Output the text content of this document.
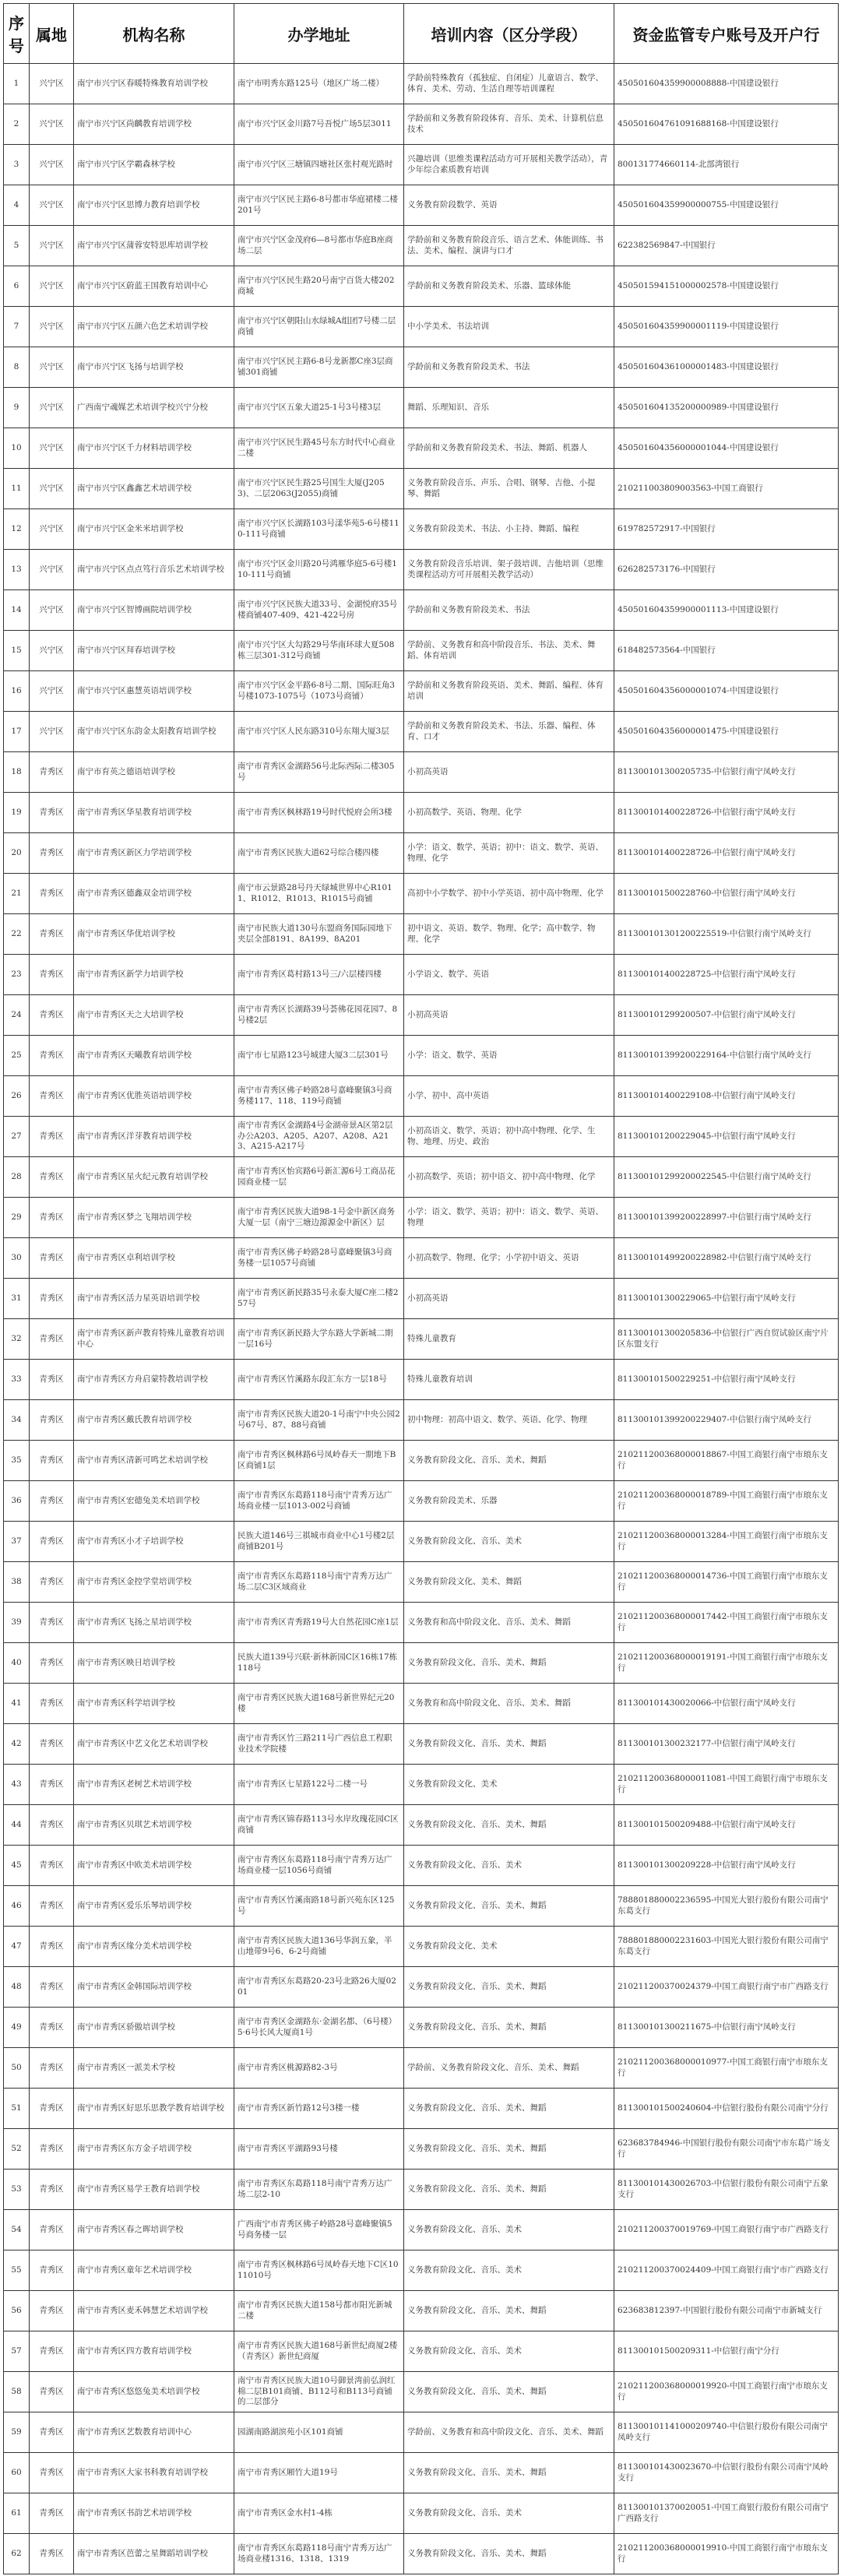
序号	属地	机构名称	办学地址	培训内容（区分学段）	资金监管专户账号及开户行
1	兴宁区	南宁市兴宁区春暖特殊教育培训学校	南宁市明秀东路125号（地区广场二楼）	学龄前特殊教育（孤独症、自闭症）儿童语言、数学、体育、美术、劳动、生活自理等培训课程	450501604359900008888-中国建设银行
2	兴宁区	南宁市兴宁区尚麟教育培训学校	南宁市兴宁区金川路7号吾悦广场5层3011	学龄前和义务教育阶段体育、音乐、美术、计算机信息技术	450501604761091688168-中国建设银行
3	兴宁区	南宁市兴宁区学霸森林学校	南宁市兴宁区三塘镇四塘社区张村观光路时	兴趣培训（思维类课程活动方可开展相关教学活动），青少年综合素质教育培训	800131774660114-北部湾银行
4	兴宁区	南宁市兴宁区思博力教育培训学校	南宁市兴宁区民主路6-8号都市华庭裙楼二楼201号	义务教育阶段数学、英语	450501604359900000755-中国建设银行
5	兴宁区	南宁市兴宁区蒲蓉安特思库培训学校	南宁市兴宁区金茂府6—8号都市华庭B座商场二层	学龄前和义务教育阶段音乐、语言艺术、体能训练、书法、美术、编程、演讲与口才	622382569847-中国银行
6	兴宁区	南宁市兴宁区蔚蓝王国教育培训中心	南宁市兴宁区民生路20号南宁百货大楼202商城	学龄前和义务教育阶段美术、乐器、篮球体能	450501594151000002578-中国建设银行
7	兴宁区	南宁市兴宁区五颜六色艺术培训学校	南宁市兴宁区朝阳山水绿城A组团7号楼二层商铺	中小学美术、书法培训	450501604359900001119-中国建设银行
8	兴宁区	南宁市兴宁区飞扬与培训学校	南宁市兴宁区民主路6-8号龙新都C座3层商铺301商铺	学龄前和义务教育阶段美术、书法	450501604361000001483-中国建设银行
9	兴宁区	广西南宁魂媒艺术培训学校兴宁分校	南宁市兴宁区五象大道25-1号3号楼3层	舞蹈、乐理知识、音乐	450501604135200000989-中国建设银行
10	兴宁区	南宁市兴宁区千力材料培训学校	南宁市兴宁区民生路45号东方时代中心商业二楼	学龄前和义务教育阶段美术、书法、舞蹈、机器人	450501604356000001044-中国建设银行
11	兴宁区	南宁市兴宁区鑫鑫艺术培训学校	南宁市兴宁区民生路25号国生大厦(J2053)、二层2063(J2055)商铺	义务教育阶段音乐、声乐、合唱、钢琴、吉他、小提琴、舞蹈	210211003809003563-中国工商银行
12	兴宁区	南宁市兴宁区金米米培训学校	南宁市兴宁区长湖路103号漾华苑5-6号楼110-111号商铺	义务教育阶段美术、书法、小主持、舞蹈、编程	619782572917-中国银行
13	兴宁区	南宁市兴宁区点点笃行音乐艺术培训学校	南宁市兴宁区金川路20号鸿雁华庭5-6号楼110-111号商铺	义务教育阶段音乐培训、架子鼓培训、吉他培训（思维类课程活动方可开展相关教学活动）	626282573176-中国银行
14	兴宁区	南宁市兴宁区智博画院培训学校	南宁市兴宁区民族大道33号、金湖悦府35号楼商铺407-409、421-422号房	学龄前和义务教育阶段美术、书法	450501604359900001113-中国建设银行
15	兴宁区	南宁市兴宁区拜春培训学校	南宁市兴宁区大勾路29号华南环球大夏508栋三层301-312号商铺	学龄前、义务教育和高中阶段音乐、书法、美术、舞蹈、体育培训	618482573564-中国银行
16	兴宁区	南宁市兴宁区惠慧英语培训学校	南宁市兴宁区金平路6-8号二期、国际旺角3号楼1073-1075号（1073号商铺）	学龄前和义务教育阶段英语、美术、舞蹈、编程、体育培训	450501604356000001074-中国建设银行
17	兴宁区	南宁市兴宁区东韵金太阳教育培训学校	南宁市兴宁区人民东路310号东翔大厦3层	学龄前和义务教育阶段美术、书法、乐器、编程、体育、口才	450501604356000001475-中国建设银行
18	青秀区	南宁市育英之德语培训学校	南宁市青秀区金湖路56号北际西际二楼305号	小初高英语	811300101300205735-中信银行南宁凤岭支行
19	青秀区	南宁市青秀区华星教育培训学校	南宁市青秀区枫林路19号时代悦府会所3楼	小初高数学、英语、物理、化学	811300101400228726-中信银行南宁凤岭支行
20	青秀区	南宁市青秀区新区力学培训学校	南宁市青秀区民族大道62号综合楼四楼	小学：语文、数学、英语；初中：语文、数学、英语、物理、化学	811300101400228726-中信银行南宁凤岭支行
21	青秀区	南宁市青秀区德鑫双金培训学校	南宁市云景路28号丹天绿城世界中心R1011、R1012、R1013、R1015号商铺	高初中小学数学、初中小学英语、初中高中物理、化学	811300101500228760-中信银行南宁凤岭支行
22	青秀区	南宁市青秀区华优培训学校	南宁市民族大道130号东盟商务国际园地下夹层全部8191、8A199、8A201	初中语文、英语、数学、物理、化学；高中数学、物理、化学	811300101301200225519-中信银行南宁凤岭支行
23	青秀区	南宁市青秀区新学力培训学校	南宁市青秀区葛村路13号三/六层楼四楼	小学语文、数学、英语	811300101400228725-中信银行南宁凤岭支行
24	青秀区	南宁市青秀区天之大培训学校	南宁市青秀区长湖路39号荟佛花园花园7、8号楼2层	小初高英语	811300101299200507-中信银行南宁凤岭支行
25	青秀区	南宁市青秀区天曦教育培训学校	南宁市七星路123号城建大厦3二层301号	小学：语文、数学、英语	811300101399200229164-中信银行南宁凤岭支行
26	青秀区	南宁市青秀区优胜英语培训学校	南宁市青秀区佛子岭路28号嘉峰聚镇3号商务楼117、118、119号商铺	小学、初中、高中英语	811300101400229108-中信银行南宁凤岭支行
27	青秀区	南宁市青秀区洋芽教育培训学校	南宁市青秀区金湖路4号金湖帝景A区第2层办公A203、A205、A207、A208、A213、A215-A217号	小初高语文、数学、英语；初中高中物理、化学、生物、地理、历史、政治	811300101200229045-中信银行南宁凤岭支行
28	青秀区	南宁市青秀区星火纪元教育培训学校	南宁市青秀区怡宾路6号新汇源6号工商品花园商业楼一层	小初高数学、英语；初中语文、初中高中物理、化学	811300101299200022545-中信银行南宁凤岭支行
29	青秀区	南宁市青秀区梦之飞翔培训学校	南宁市青秀区民族大道98-1号金中新区商务大厦一层（南宁三塘边源源金中新区）层	小学：语文、数学、英语；初中：语文、数学、英语、物理	811300101399200228997-中信银行南宁凤岭支行
30	青秀区	南宁市青秀区卓利培训学校	南宁市青秀区佛子岭路28号嘉峰聚镇3号商务楼一层1057号商铺	小初高数学、物理、化学；小学初中语文、英语	811300101499200228982-中信银行南宁凤岭支行
31	青秀区	南宁市青秀区活力星英语培训学校	南宁市青秀区新民路35号永泰大厦C座二楼257号	小初高英语	811300101300229065-中信银行南宁凤岭支行
32	青秀区	南宁市青秀区新声教育特殊儿童教育培训中心	南宁市青秀区新民路大学东路大学新城二期一层16号	特殊儿童教育	811300101300205836-中信银行广西自贸试验区南宁片区东盟支行
33	青秀区	南宁市青秀区方舟启蒙特教培训学校	南宁市青秀区竹溪路东段汇东方一层18号	特殊儿童教育培训	811300101500229251-中信银行南宁凤岭支行
34	青秀区	南宁市青秀区戴氏教育培训学校	南宁市青秀区民族大道20-1号南宁中央公园2号67号、87、88号商铺	初中物理：初高中语文、数学、英语、化学、物理	811300101399200229407-中信银行南宁凤岭支行
35	青秀区	南宁市青秀区清新可鸣艺术培训学校	南宁市青秀区枫林路6号凤岭春天一期地下B区商铺1层	义务教育阶段文化、音乐、美术、舞蹈	210211200368000018867-中国工商银行南宁市琅东支行
36	青秀区	南宁市青秀区宏德兔美术培训学校	南宁市青秀区东葛路118号南宁青秀万达广场商业楼一层1013-002号商铺	义务教育阶段美术、乐器	210211200368000018789-中国工商银行南宁市琅东支行
37	青秀区	南宁市青秀区小才子培训学校	民族大道146号三祺城市商业中心1号楼2层商铺B201号	义务教育阶段文化、音乐、美术	210211200368000013284-中国工商银行南宁市琅东支行
38	青秀区	南宁市青秀区金控学堂培训学校	南宁市青秀区东葛路118号南宁青秀万达广场二层C3区域商业	义务教育阶段文化、美术、舞蹈	210211200368000014736-中国工商银行南宁市琅东支行
39	青秀区	南宁市青秀区飞扬之星培训学校	南宁市青秀区青秀路19号大自然花园C座1层	义务教育和高中阶段文化、音乐、美术、舞蹈	210211200368000017442-中国工商银行南宁市琅东支行
40	青秀区	南宁市青秀区映日培训学校	民族大道139号兴联·新林新园C区16栋17栋118号	义务教育阶段文化、音乐、美术、舞蹈	210211200368000019191-中国工商银行南宁市琅东支行
41	青秀区	南宁市青秀区科学培训学校	南宁市青秀区民族大道168号新世界纪元20楼	义务教育和高中阶段文化、音乐、美术、舞蹈	811300101430020066-中信银行南宁凤岭支行
42	青秀区	南宁市青秀区中艺文化艺术培训学校	南宁市青秀区竹三路211号广西信息工程职业技术学院楼	义务教育阶段文化、音乐、美术、舞蹈	811300101300232177-中信银行南宁凤岭支行
43	青秀区	南宁市青秀区老树艺术培训学校	南宁市青秀区七星路122号二楼一号	义务教育阶段文化、美术	210211200368000011081-中国工商银行南宁市琅东支行
44	青秀区	南宁市青秀区贝琪艺术培训学校	南宁市青秀区锦春路113号水岸玫瑰花园C区商铺	义务教育阶段文化、音乐、美术、舞蹈	811300101500209488-中信银行南宁凤岭支行
45	青秀区	南宁市青秀区中欧美术培训学校	南宁市青秀区东葛路118号南宁青秀万达广场商业楼一层1056号商铺	义务教育阶段文化、音乐、美术	811300101300209228-中信银行南宁凤岭支行
46	青秀区	南宁市青秀区爱乐乐琴培训学校	南宁市青秀区竹溪南路18号新兴苑东区125号	义务教育阶段文化、音乐、美术、舞蹈	788801880002236595-中国光大银行股份有限公司南宁东葛支行
47	青秀区	南宁市青秀区缘分美术培训学校	南宁市青秀区民族大道136号华润五象，半山地带9号6、6-2号商铺	义务教育阶段文化、美术	788801880002231603-中国光大银行股份有限公司南宁东葛支行
48	青秀区	南宁市青秀区金韩国际培训学校	南宁市青秀区东葛路20-23号北路26大厦0201	义务教育阶段文化、音乐、美术、舞蹈	210211200370024379-中国工商银行南宁市广西路支行
49	青秀区	南宁市青秀区骄傲培训学校	南宁市青秀区金湖路东·金湖名都、（6号楼）5·6号长风大厦商1号	义务教育阶段文化、音乐、美术、舞蹈	811300101300211675-中信银行南宁凤岭支行
50	青秀区	南宁市青秀区一派美术学校	南宁市青秀区桃源路82-3号	学龄前、义务教育阶段文化、音乐、美术、舞蹈	210211200368000010977-中国工商银行南宁市琅东支行
51	青秀区	南宁市青秀区好思乐思教学教育培训学校	南宁市青秀区新竹路12号3楼一楼	义务教育阶段文化、音乐、美术、舞蹈	811300101500240604-中信银行股份有限公司南宁分行
52	青秀区	南宁市青秀区东方金子培训学校	南宁市青秀区平湖路93号楼	义务教育阶段文化、音乐、美术、舞蹈	623683784946-中国银行股份有限公司南宁市东葛广场支行
53	青秀区	南宁市青秀区易学王教育培训学校	南宁市青秀区东葛路118号南宁青秀万达广场二层2-10	义务教育阶段文化、音乐、美术、舞蹈	811300101430026703-中信银行股份有限公司南宁五象支行
54	青秀区	南宁市青秀区春之晖培训学校	广西南宁市青秀区佛子岭路28号嘉峰聚镇5号商务楼一层	义务教育阶段文化、音乐、美术	210211200370019769-中国工商银行南宁市广西路支行
55	青秀区	南宁市青秀区童年艺术培训学校	南宁市青秀区枫林路6号凤岭春天地下C区1011010号	义务教育阶段文化、音乐、美术	210211200370024409-中国工商银行南宁市广西路支行
56	青秀区	南宁市青秀区麦禾韩慧艺术培训学校	南宁市青秀区民族大道158号都市阳光新城二楼	义务教育阶段文化、音乐、美术、舞蹈	623683812397-中国银行股份有限公司南宁市新城支行
57	青秀区	南宁市青秀区四方教育培训学校	南宁市青秀区民族大道168号新世纪商厦2楼（青秀区）新世纪商厦	义务教育阶段文化、音乐、美术	811300101500209311-中信银行南宁分行
58	青秀区	南宁市青秀区悠悠兔美术培训学校	南宁市青秀区民族大道10号御景湾前弘润红棉二层B101商铺、B112号和B113号商铺的二层部分	义务教育阶段文化、音乐、美术、舞蹈	210211200368000019920-中国工商银行南宁市琅东支行
59	青秀区	南宁市青秀区艺数教育培训中心	园湖南路湖滨苑小区101商铺	学龄前、义务教育和高中阶段文化、音乐、美术、舞蹈	811300101141000209740-中信银行股份有限公司南宁凤岭支行
60	青秀区	南宁市青秀区大家书科教育培训学校	南宁市青秀区厢竹大道19号	义务教育阶段文化、音乐、美术、舞蹈	811300101430023670-中信银行股份有限公司南宁凤岭支行
61	青秀区	南宁市青秀区书韵艺术培训学校	南宁市青秀区金水村1-4栋	义务教育阶段文化、音乐、美术	811300101370020051-中国工商银行股份有限公司南宁广西路支行
62	青秀区	南宁市青秀区芭蕾之星舞蹈培训学校	南宁市青秀区东葛路118号南宁青秀万达广场商业楼1316、1318、1319	义务教育阶段文化、音乐、美术、舞蹈	210211200368000019910-中国工商银行南宁市琅东支行
